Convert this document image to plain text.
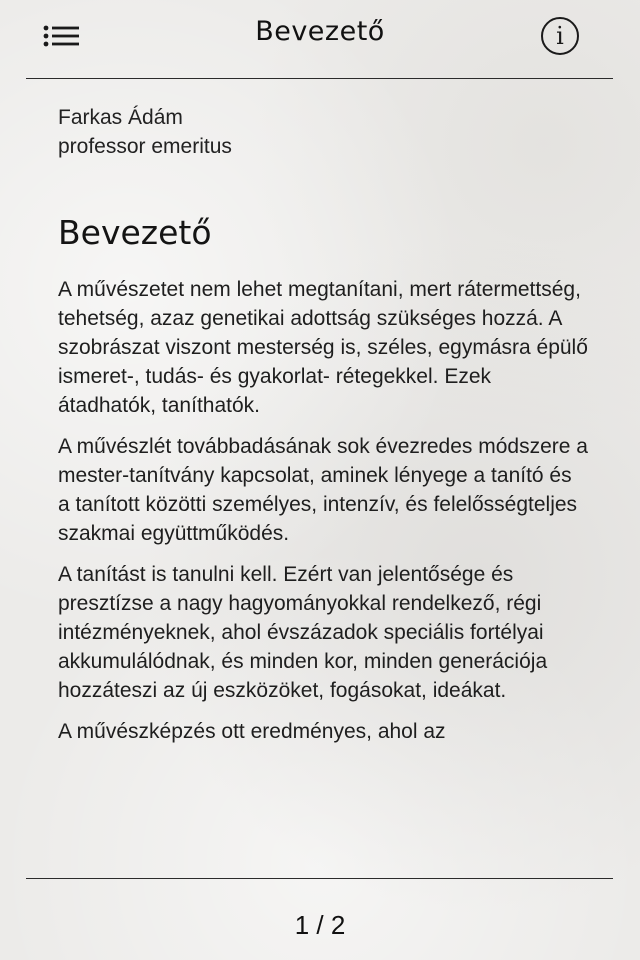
Bevezető	i
Farkas Ádám
professor emeritus
Bevezető
A művészetet nem lehet megtanítani, mert rátermettség, tehetség, azaz genetikai adottság szükséges hozzá. A szobrászat viszont mesterség is, széles, egymásra épülő ismeret-, tudás- és gyakorlat- rétegekkel. Ezek átadhatók, taníthatók.
A művészlét továbbadásának sok évezredes módszere a mester-tanítvány kapcsolat, aminek lényege a tanító és a tanított közötti személyes, intenzív, és felelősségteljes szakmai együttműködés.
A tanítást is tanulni kell. Ezért van jelentősége és presztízse a nagy hagyományokkal rendelkező, régi intézményeknek, ahol évszázadok speciális fortélyai akkumulálódnak, és minden kor, minden generációja hozzáteszi az új eszközöket, fogásokat, ideákat.
A művészképzés ott eredményes, ahol az
1 / 2
